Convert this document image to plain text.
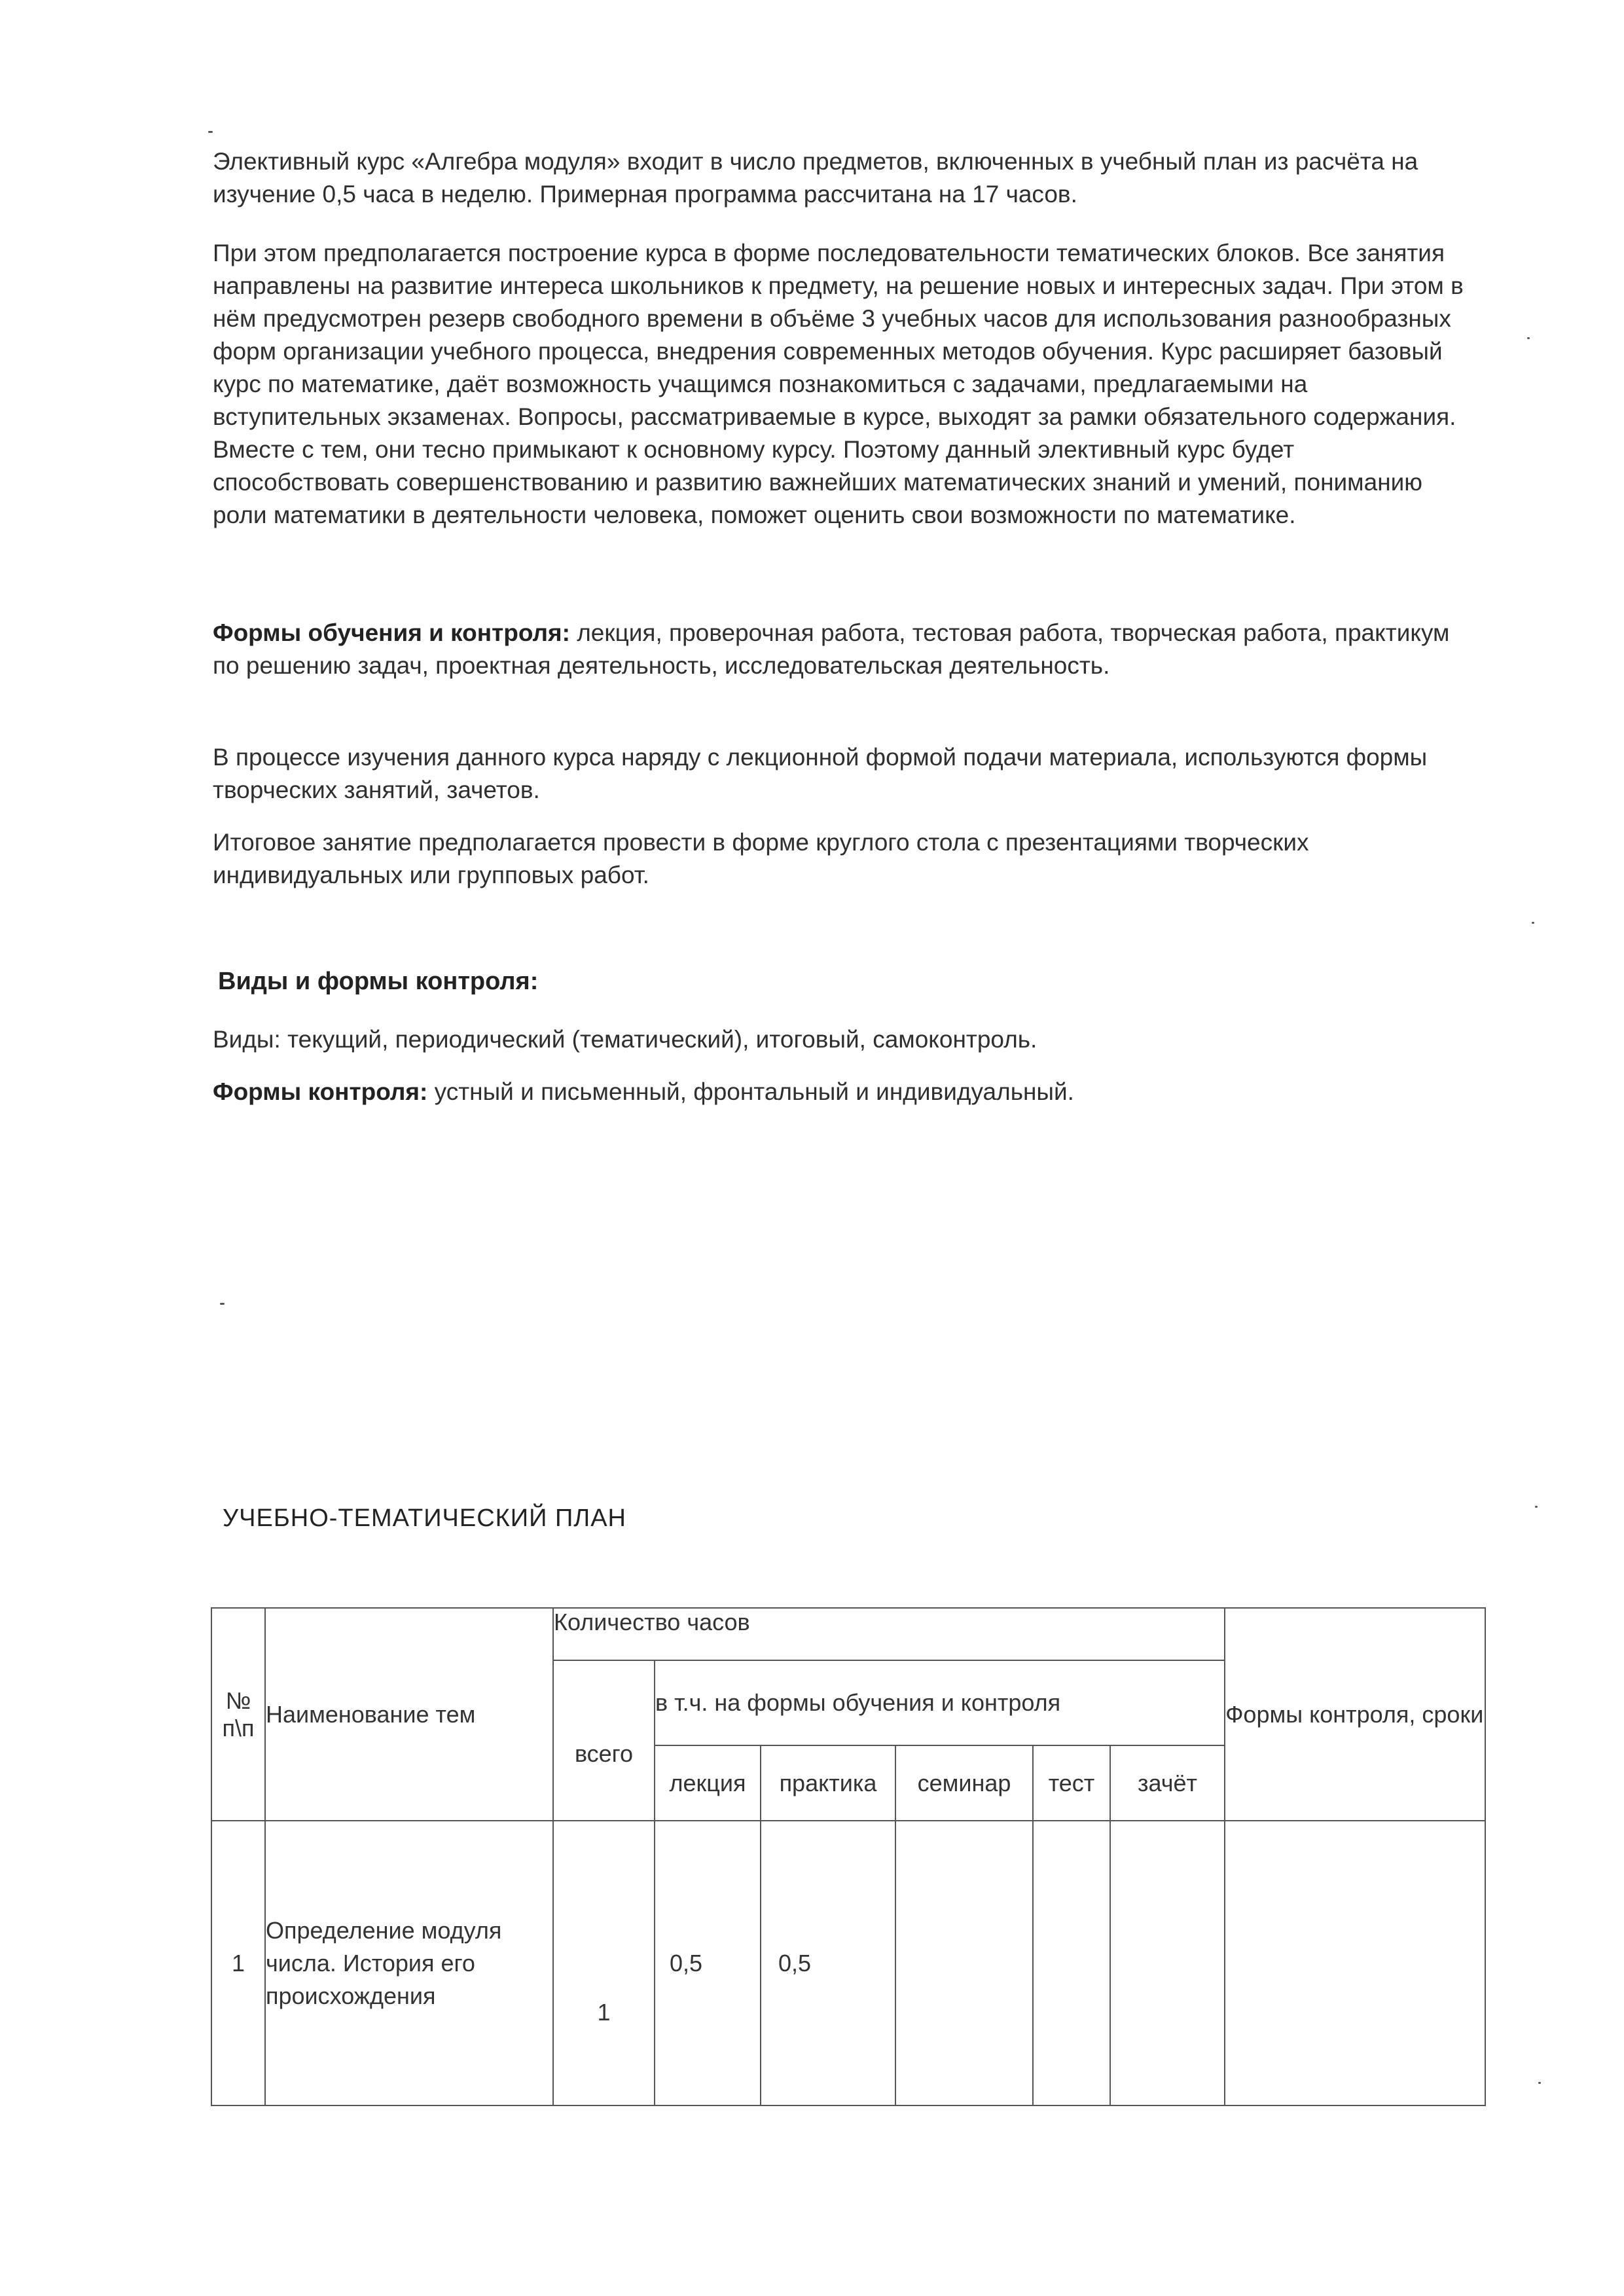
Элективный курс «Алгебра модуля» входит в число предметов, включенных в учебный план из расчёта на изучение 0,5 часа в неделю. Примерная программа рассчитана на 17 часов.

При этом предполагается построение курса в форме последовательности тематических блоков. Все занятия направлены на развитие интереса школьников к предмету, на решение новых и интересных задач. При этом в нём предусмотрен резерв свободного времени в объёме 3 учебных часов для использования разнообразных форм организации учебного процесса, внедрения современных методов обучения. Курс расширяет базовый курс по математике, даёт возможность учащимся познакомиться с задачами, предлагаемыми на вступительных экзаменах. Вопросы, рассматриваемые в курсе, выходят за рамки обязательного содержания. Вместе с тем, они тесно примыкают к основному курсу. Поэтому данный элективный курс будет способствовать совершенствованию и развитию важнейших математических знаний и умений, пониманию роли математики в деятельности человека, поможет оценить свои возможности по математике.

Формы обучения и контроля: лекция, проверочная работа, тестовая работа, творческая работа, практикум по решению задач, проектная деятельность, исследовательская деятельность.

В процессе изучения данного курса наряду с лекционной формой подачи материала, используются формы творческих занятий, зачетов.

Итоговое занятие предполагается провести в форме круглого стола с презентациями творческих индивидуальных или групповых работ.

Виды и формы контроля:

Виды: текущий, периодический (тематический), итоговый, самоконтроль.

Формы контроля: устный и письменный, фронтальный и индивидуальный.

УЧЕБНО-ТЕМАТИЧЕСКИЙ ПЛАН

№ п\п	Наименование тем	Количество часов						Формы контроля, сроки
		всего	в т.ч. на формы обучения и контроля					
			лекция	практика	семинар	тест	зачёт	
1	Определение модуля числа. История его происхождения	1	0,5	0,5				
